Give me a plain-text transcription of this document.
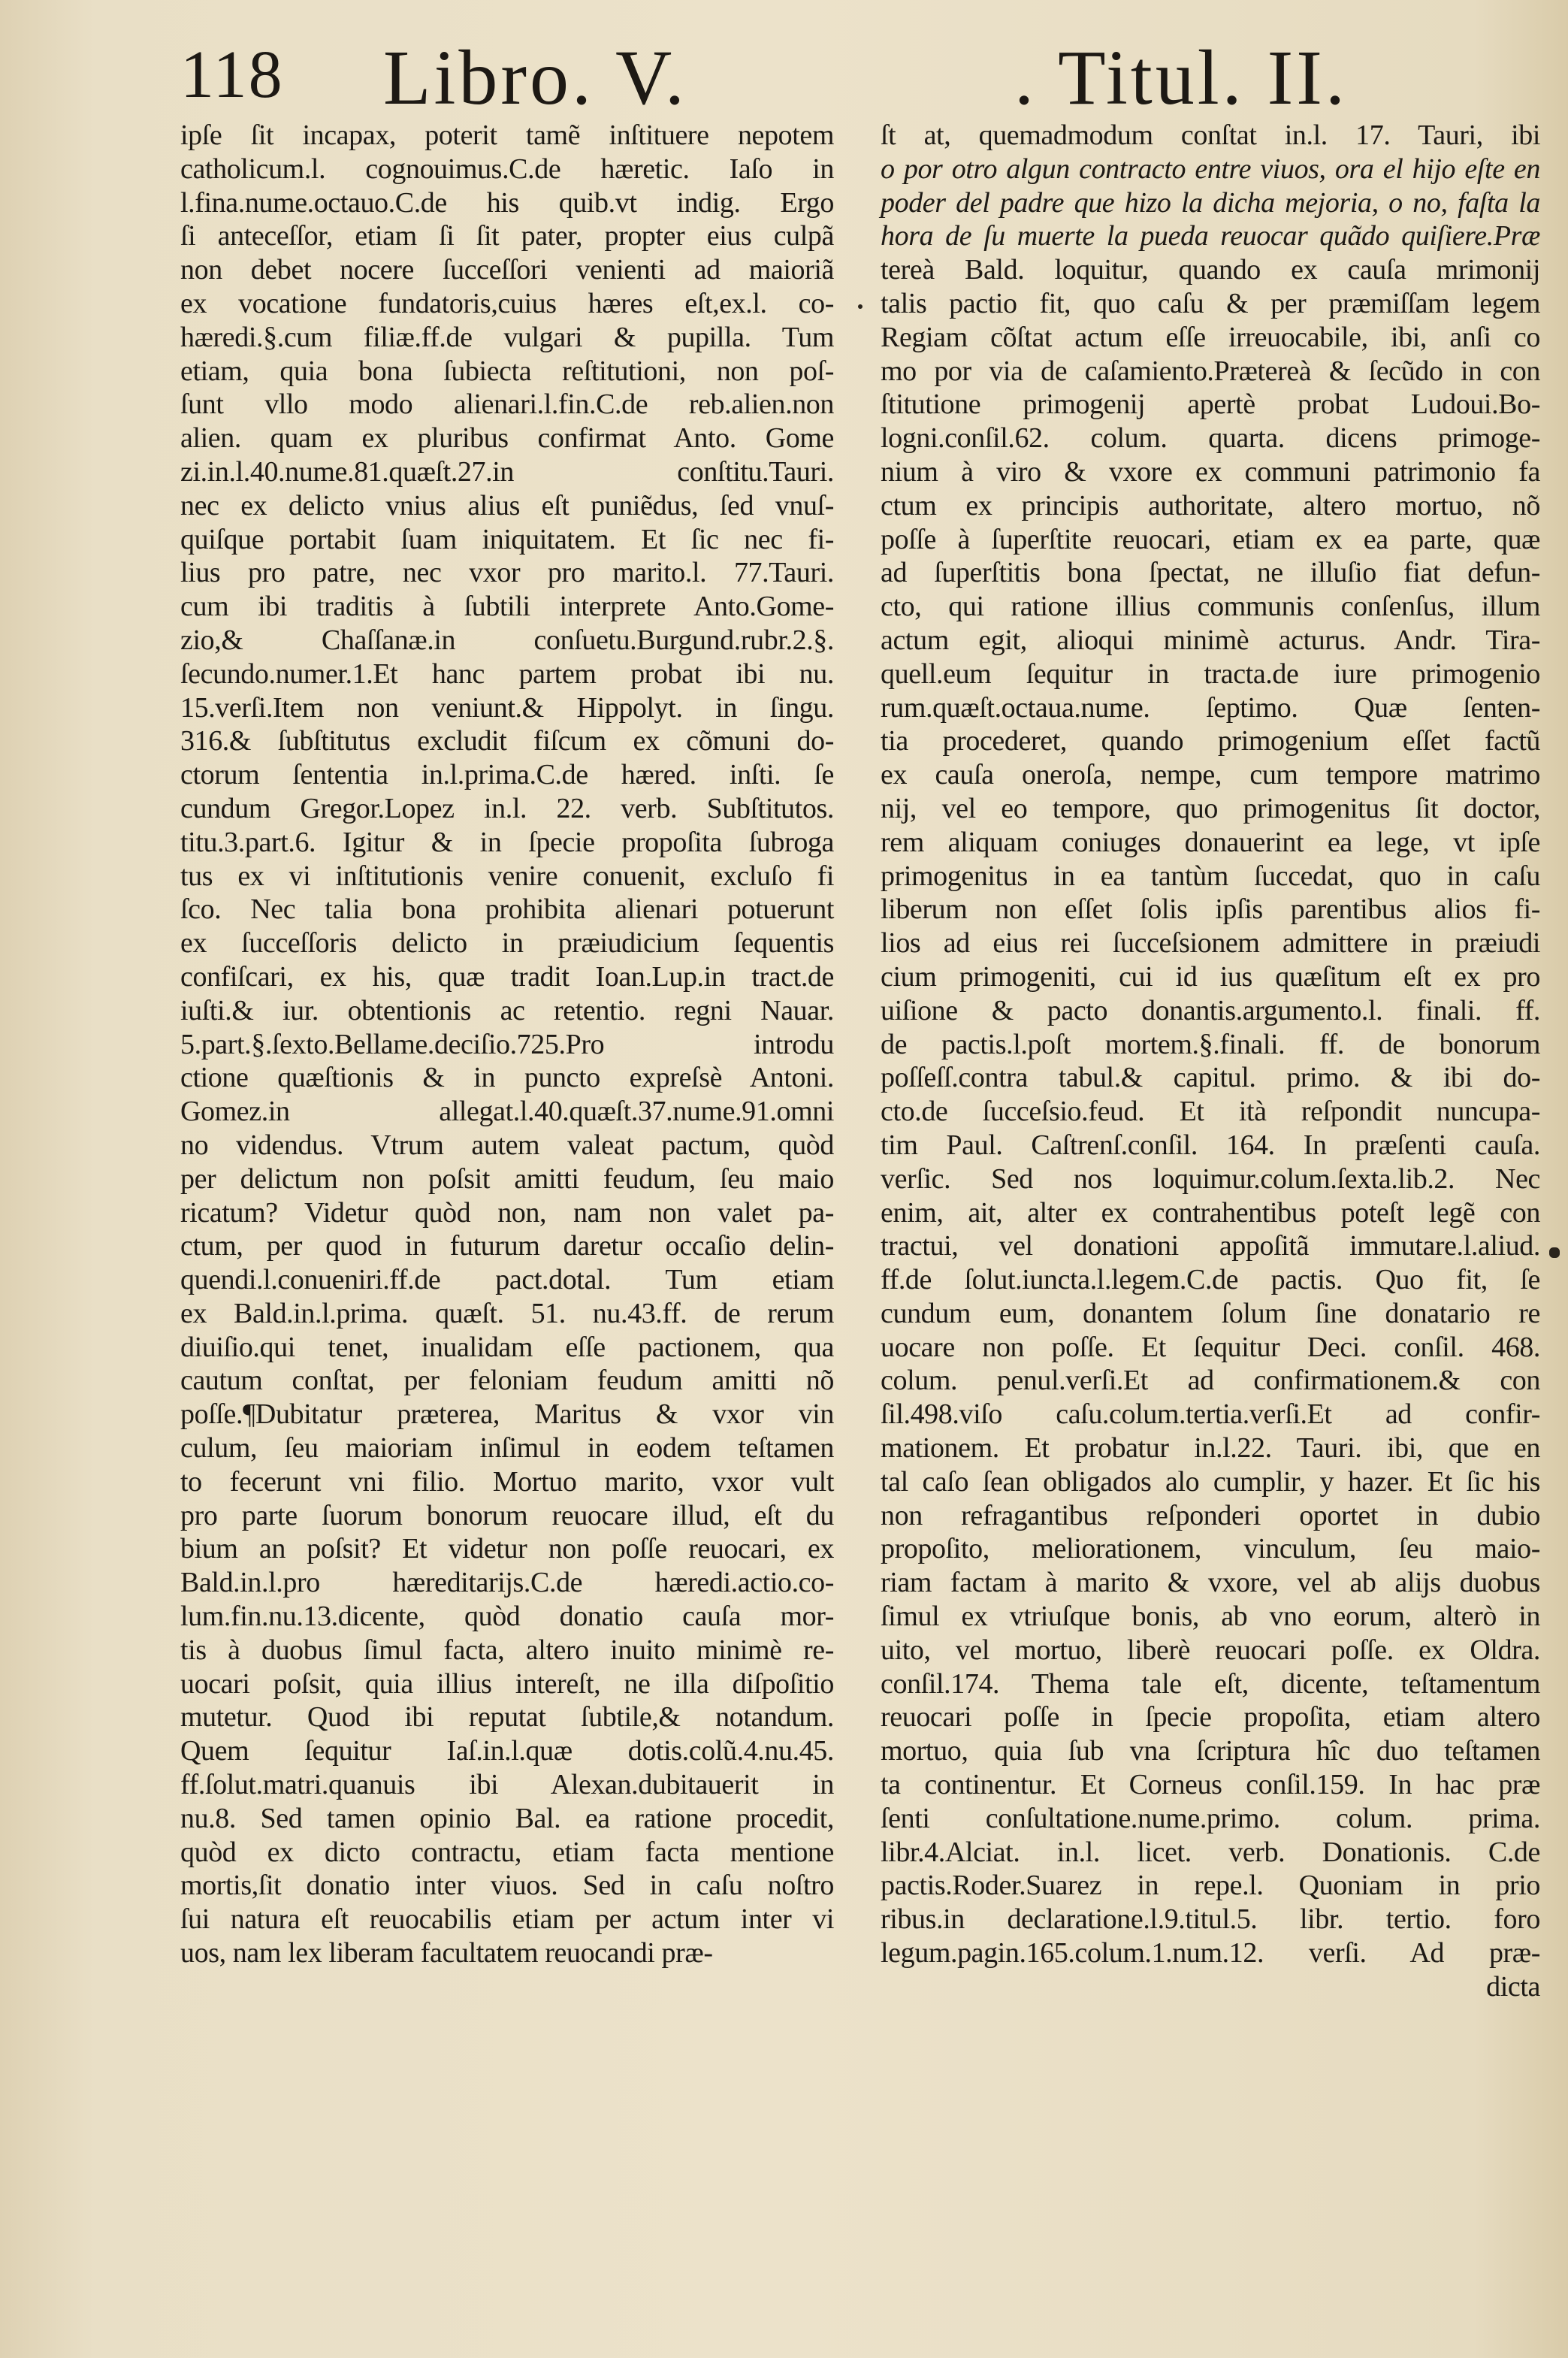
118 Libro. V.	. Titul. II.
ipſe ſit incapax, poterit tamẽ inſtituere nepotem
catholicum.l. cognouimus.C.de hæretic. Iaſo in
l.fina.nume.octauo.C.de his quib.vt indig. Ergo
ſi anteceſſor, etiam ſi ſit pater, propter eius culpã
non debet nocere ſucceſſori venienti ad maioriã
ex vocatione fundatoris,cuius hæres eſt,ex.l. co-
hæredi.§.cum filiæ.ff.de vulgari & pupilla. Tum
etiam, quia bona ſubiecta reſtitutioni, non poſ-
ſunt vllo modo alienari.l.fin.C.de reb.alien.non
alien. quam ex pluribus confirmat Anto. Gome
zi.in.l.40.nume.81.quæſt.27.in conſtitu.Tauri.
nec ex delicto vnius alius eſt puniẽdus, ſed vnuſ-
quiſque portabit ſuam iniquitatem. Et ſic nec fi-
lius pro patre, nec vxor pro marito.l. 77.Tauri.
cum ibi traditis à ſubtili interprete Anto.Gome-
zio,& Chaſſanæ.in conſuetu.Burgund.rubr.2.§.
ſecundo.numer.1.Et hanc partem probat ibi nu.
15.verſi.Item non veniunt.& Hippolyt. in ſingu.
316.& ſubſtitutus excludit fiſcum ex cõmuni do-
ctorum ſententia in.l.prima.C.de hæred. inſti. ſe
cundum Gregor.Lopez in.l. 22. verb. Subſtitutos.
titu.3.part.6. Igitur & in ſpecie propoſita ſubroga
tus ex vi inſtitutionis venire conuenit, excluſo fi
ſco. Nec talia bona prohibita alienari potuerunt
ex ſucceſſoris delicto in præiudicium ſequentis
confiſcari, ex his, quæ tradit Ioan.Lup.in tract.de
iuſti.& iur. obtentionis ac retentio. regni Nauar.
5.part.§.ſexto.Bellame.deciſio.725.Pro introdu
ctione quæſtionis & in puncto expreſsè Antoni.
Gomez.in allegat.l.40.quæſt.37.nume.91.omni
no videndus. Vtrum autem valeat pactum, quòd
per delictum non poſsit amitti feudum, ſeu maio
ricatum? Videtur quòd non, nam non valet pa-
ctum, per quod in futurum daretur occaſio delin-
quendi.l.conueniri.ff.de pact.dotal. Tum etiam
ex Bald.in.l.prima. quæſt. 51. nu.43.ff. de rerum
diuiſio.qui tenet, inualidam eſſe pactionem, qua
cautum conſtat, per feloniam feudum amitti nõ
poſſe.¶Dubitatur præterea, Maritus & vxor vin
culum, ſeu maioriam inſimul in eodem teſtamen
to fecerunt vni filio. Mortuo marito, vxor vult
pro parte ſuorum bonorum reuocare illud, eſt du
bium an poſsit? Et videtur non poſſe reuocari, ex
Bald.in.l.pro hæreditarijs.C.de hæredi.actio.co-
lum.fin.nu.13.dicente, quòd donatio cauſa mor-
tis à duobus ſimul facta, altero inuito minimè re-
uocari poſsit, quia illius intereſt, ne illa diſpoſitio
mutetur. Quod ibi reputat ſubtile,& notandum.
Quem ſequitur Iaſ.in.l.quæ dotis.colũ.4.nu.45.
ff.ſolut.matri.quanuis ibi Alexan.dubitauerit in
nu.8. Sed tamen opinio Bal. ea ratione procedit,
quòd ex dicto contractu, etiam facta mentione
mortis,ſit donatio inter viuos. Sed in caſu noſtro
ſui natura eſt reuocabilis etiam per actum inter vi
uos, nam lex liberam facultatem reuocandi præ-
ſt at, quemadmodum conſtat in.l. 17. Tauri, ibi
o por otro algun contracto entre viuos, ora el hijo eſte en
poder del padre que hizo la dicha mejoria, o no, faſta la
hora de ſu muerte la pueda reuocar quãdo quiſiere.Præ
tereà Bald. loquitur, quando ex cauſa mrimonij
talis pactio fit, quo caſu & per præmiſſam legem
Regiam cõſtat actum eſſe irreuocabile, ibi, anſi co
mo por via de caſamiento.Prætereà & ſecũdo in con
ſtitutione primogenij apertè probat Ludoui.Bo-
logni.conſil.62. colum. quarta. dicens primoge-
nium à viro & vxore ex communi patrimonio fa
ctum ex principis authoritate, altero mortuo, nõ
poſſe à ſuperſtite reuocari, etiam ex ea parte, quæ
ad ſuperſtitis bona ſpectat, ne illuſio fiat defun-
cto, qui ratione illius communis conſenſus, illum
actum egit, alioqui minimè acturus. Andr. Tira-
quell.eum ſequitur in tracta.de iure primogenio
rum.quæſt.octaua.nume. ſeptimo. Quæ ſenten-
tia procederet, quando primogenium eſſet factũ
ex cauſa oneroſa, nempe, cum tempore matrimo
nij, vel eo tempore, quo primogenitus ſit doctor,
rem aliquam coniuges donauerint ea lege, vt ipſe
primogenitus in ea tantùm ſuccedat, quo in caſu
liberum non eſſet ſolis ipſis parentibus alios fi-
lios ad eius rei ſucceſsionem admittere in præiudi
cium primogeniti, cui id ius quæſitum eſt ex pro
uiſione & pacto donantis.argumento.l. finali. ff.
de pactis.l.poſt mortem.§.finali. ff. de bonorum
poſſeſſ.contra tabul.& capitul. primo. & ibi do-
cto.de ſucceſsio.feud. Et ità reſpondit nuncupa-
tim Paul. Caſtrenſ.conſil. 164. In præſenti cauſa.
verſic. Sed nos loquimur.colum.ſexta.lib.2. Nec
enim, ait, alter ex contrahentibus poteſt legẽ con
tractui, vel donationi appoſitã immutare.l.aliud.
ff.de ſolut.iuncta.l.legem.C.de pactis. Quo fit, ſe
cundum eum, donantem ſolum ſine donatario re
uocare non poſſe. Et ſequitur Deci. conſil. 468.
colum. penul.verſi.Et ad confirmationem.& con
ſil.498.viſo caſu.colum.tertia.verſi.Et ad confir-
mationem. Et probatur in.l.22. Tauri. ibi, que en
tal caſo ſean obligados alo cumplir, y hazer. Et ſic his
non refragantibus reſponderi oportet in dubio
propoſito, meliorationem, vinculum, ſeu maio-
riam factam à marito & vxore, vel ab alijs duobus
ſimul ex vtriuſque bonis, ab vno eorum, alterò in
uito, vel mortuo, liberè reuocari poſſe. ex Oldra.
conſil.174. Thema tale eſt, dicente, teſtamentum
reuocari poſſe in ſpecie propoſita, etiam altero
mortuo, quia ſub vna ſcriptura hîc duo teſtamen
ta continentur. Et Corneus conſil.159. In hac præ
ſenti conſultatione.nume.primo. colum. prima.
libr.4.Alciat. in.l. licet. verb. Donationis. C.de
pactis.Roder.Suarez in repe.l. Quoniam in prio
ribus.in declaratione.l.9.titul.5. libr. tertio. foro
legum.pagin.165.colum.1.num.12. verſi. Ad præ-
dicta
